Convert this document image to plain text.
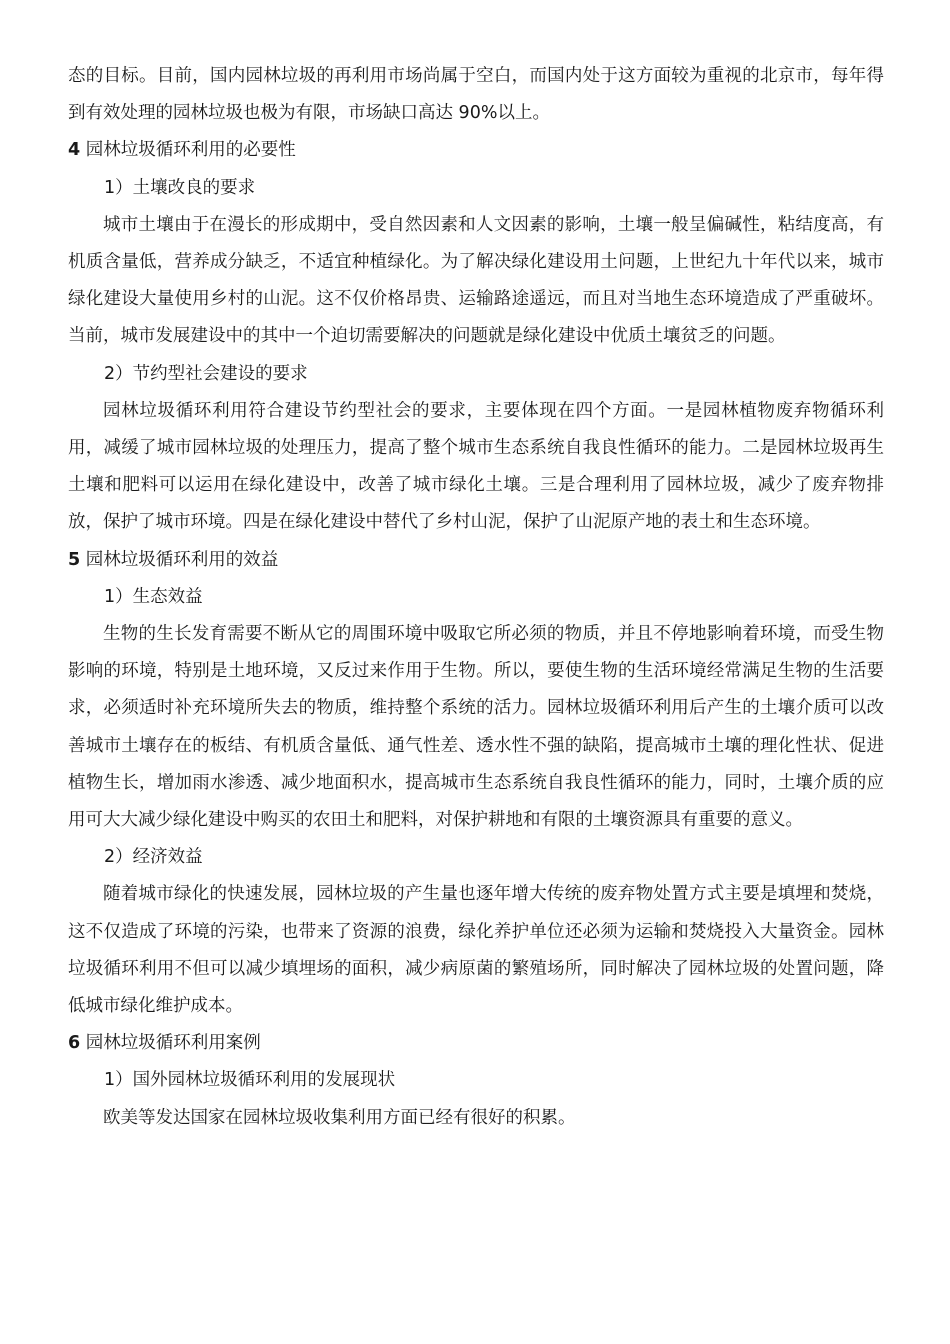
态的目标。目前，国内园林垃圾的再利用市场尚属于空白，而国内处于这方面较为重视的北京市，每年得到有效处理的园林垃圾也极为有限，市场缺口高达 90%以上。

4 园林垃圾循环利用的必要性

1）土壤改良的要求

城市土壤由于在漫长的形成期中，受自然因素和人文因素的影响，土壤一般呈偏碱性，粘结度高，有机质含量低，营养成分缺乏，不适宜种植绿化。为了解决绿化建设用土问题，上世纪九十年代以来，城市绿化建设大量使用乡村的山泥。这不仅价格昂贵、运输路途遥远，而且对当地生态环境造成了严重破坏。当前，城市发展建设中的其中一个迫切需要解决的问题就是绿化建设中优质土壤贫乏的问题。

2）节约型社会建设的要求

园林垃圾循环利用符合建设节约型社会的要求，主要体现在四个方面。一是园林植物废弃物循环利用，减缓了城市园林垃圾的处理压力，提高了整个城市生态系统自我良性循环的能力。二是园林垃圾再生土壤和肥料可以运用在绿化建设中，改善了城市绿化土壤。三是合理利用了园林垃圾，减少了废弃物排放，保护了城市环境。四是在绿化建设中替代了乡村山泥，保护了山泥原产地的表土和生态环境。

5 园林垃圾循环利用的效益

1）生态效益

生物的生长发育需要不断从它的周围环境中吸取它所必须的物质，并且不停地影响着环境，而受生物影响的环境，特别是土地环境，又反过来作用于生物。所以，要使生物的生活环境经常满足生物的生活要求，必须适时补充环境所失去的物质，维持整个系统的活力。园林垃圾循环利用后产生的土壤介质可以改善城市土壤存在的板结、有机质含量低、通气性差、透水性不强的缺陷，提高城市土壤的理化性状、促进植物生长，增加雨水渗透、减少地面积水，提高城市生态系统自我良性循环的能力，同时，土壤介质的应用可大大减少绿化建设中购买的农田土和肥料，对保护耕地和有限的土壤资源具有重要的意义。

2）经济效益

随着城市绿化的快速发展，园林垃圾的产生量也逐年增大传统的废弃物处置方式主要是填埋和焚烧，这不仅造成了环境的污染，也带来了资源的浪费，绿化养护单位还必须为运输和焚烧投入大量资金。园林垃圾循环利用不但可以减少填埋场的面积，减少病原菌的繁殖场所，同时解决了园林垃圾的处置问题，降低城市绿化维护成本。

6 园林垃圾循环利用案例

1）国外园林垃圾循环利用的发展现状

欧美等发达国家在园林垃圾收集利用方面已经有很好的积累。
